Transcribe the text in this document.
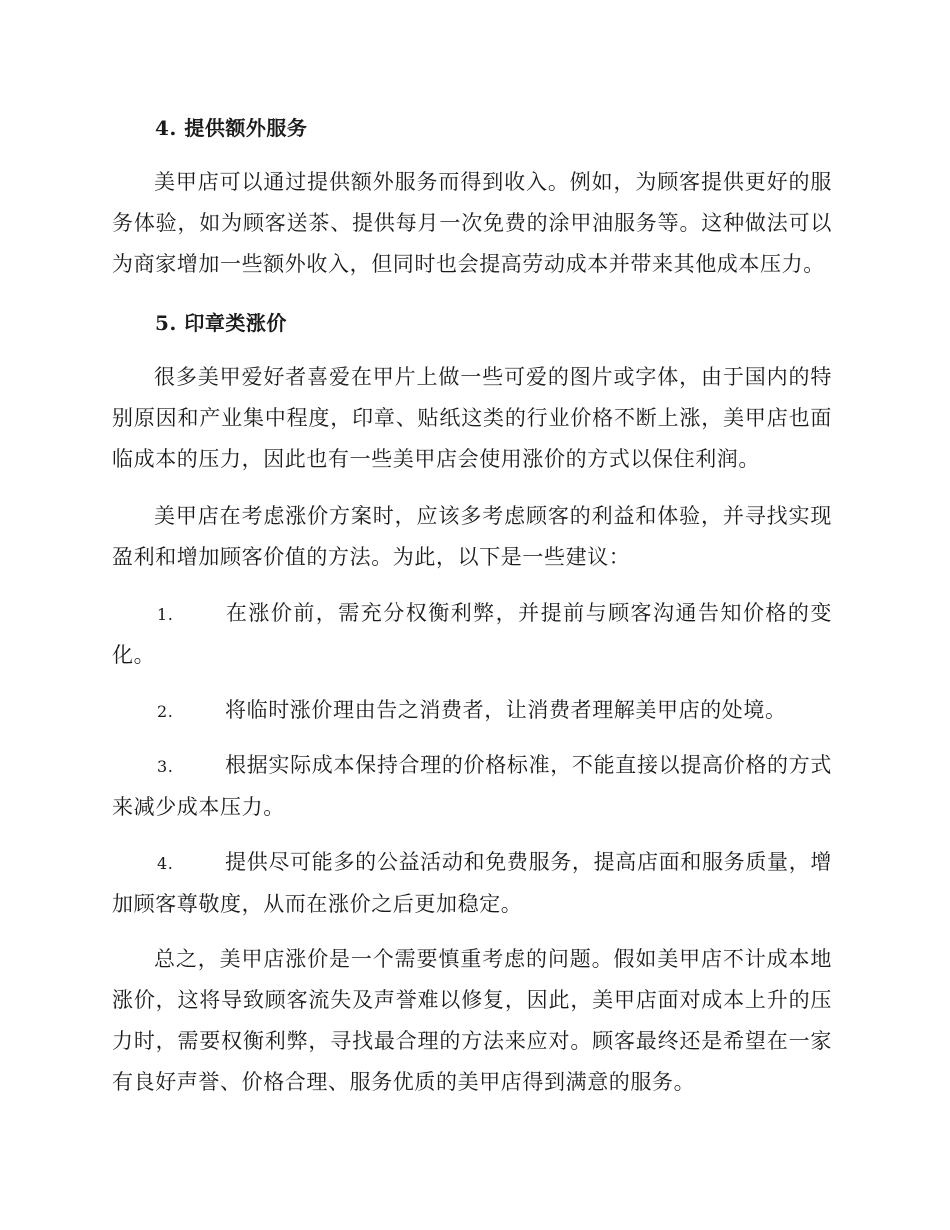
4. 提供额外服务
美甲店可以通过提供额外服务而得到收入。例如，为顾客提供更好的服务体验，如为顾客送茶、提供每月一次免费的涂甲油服务等。这种做法可以为商家增加一些额外收入，但同时也会提高劳动成本并带来其他成本压力。
5. 印章类涨价
很多美甲爱好者喜爱在甲片上做一些可爱的图片或字体，由于国内的特别原因和产业集中程度，印章、贴纸这类的行业价格不断上涨，美甲店也面临成本的压力，因此也有一些美甲店会使用涨价的方式以保住利润。
美甲店在考虑涨价方案时，应该多考虑顾客的利益和体验，并寻找实现盈利和增加顾客价值的方法。为此，以下是一些建议：
1. 在涨价前，需充分权衡利弊，并提前与顾客沟通告知价格的变化。
2. 将临时涨价理由告之消费者，让消费者理解美甲店的处境。
3. 根据实际成本保持合理的价格标准，不能直接以提高价格的方式来减少成本压力。
4. 提供尽可能多的公益活动和免费服务，提高店面和服务质量，增加顾客尊敬度，从而在涨价之后更加稳定。
总之，美甲店涨价是一个需要慎重考虑的问题。假如美甲店不计成本地涨价，这将导致顾客流失及声誉难以修复，因此，美甲店面对成本上升的压力时，需要权衡利弊，寻找最合理的方法来应对。顾客最终还是希望在一家有良好声誉、价格合理、服务优质的美甲店得到满意的服务。
